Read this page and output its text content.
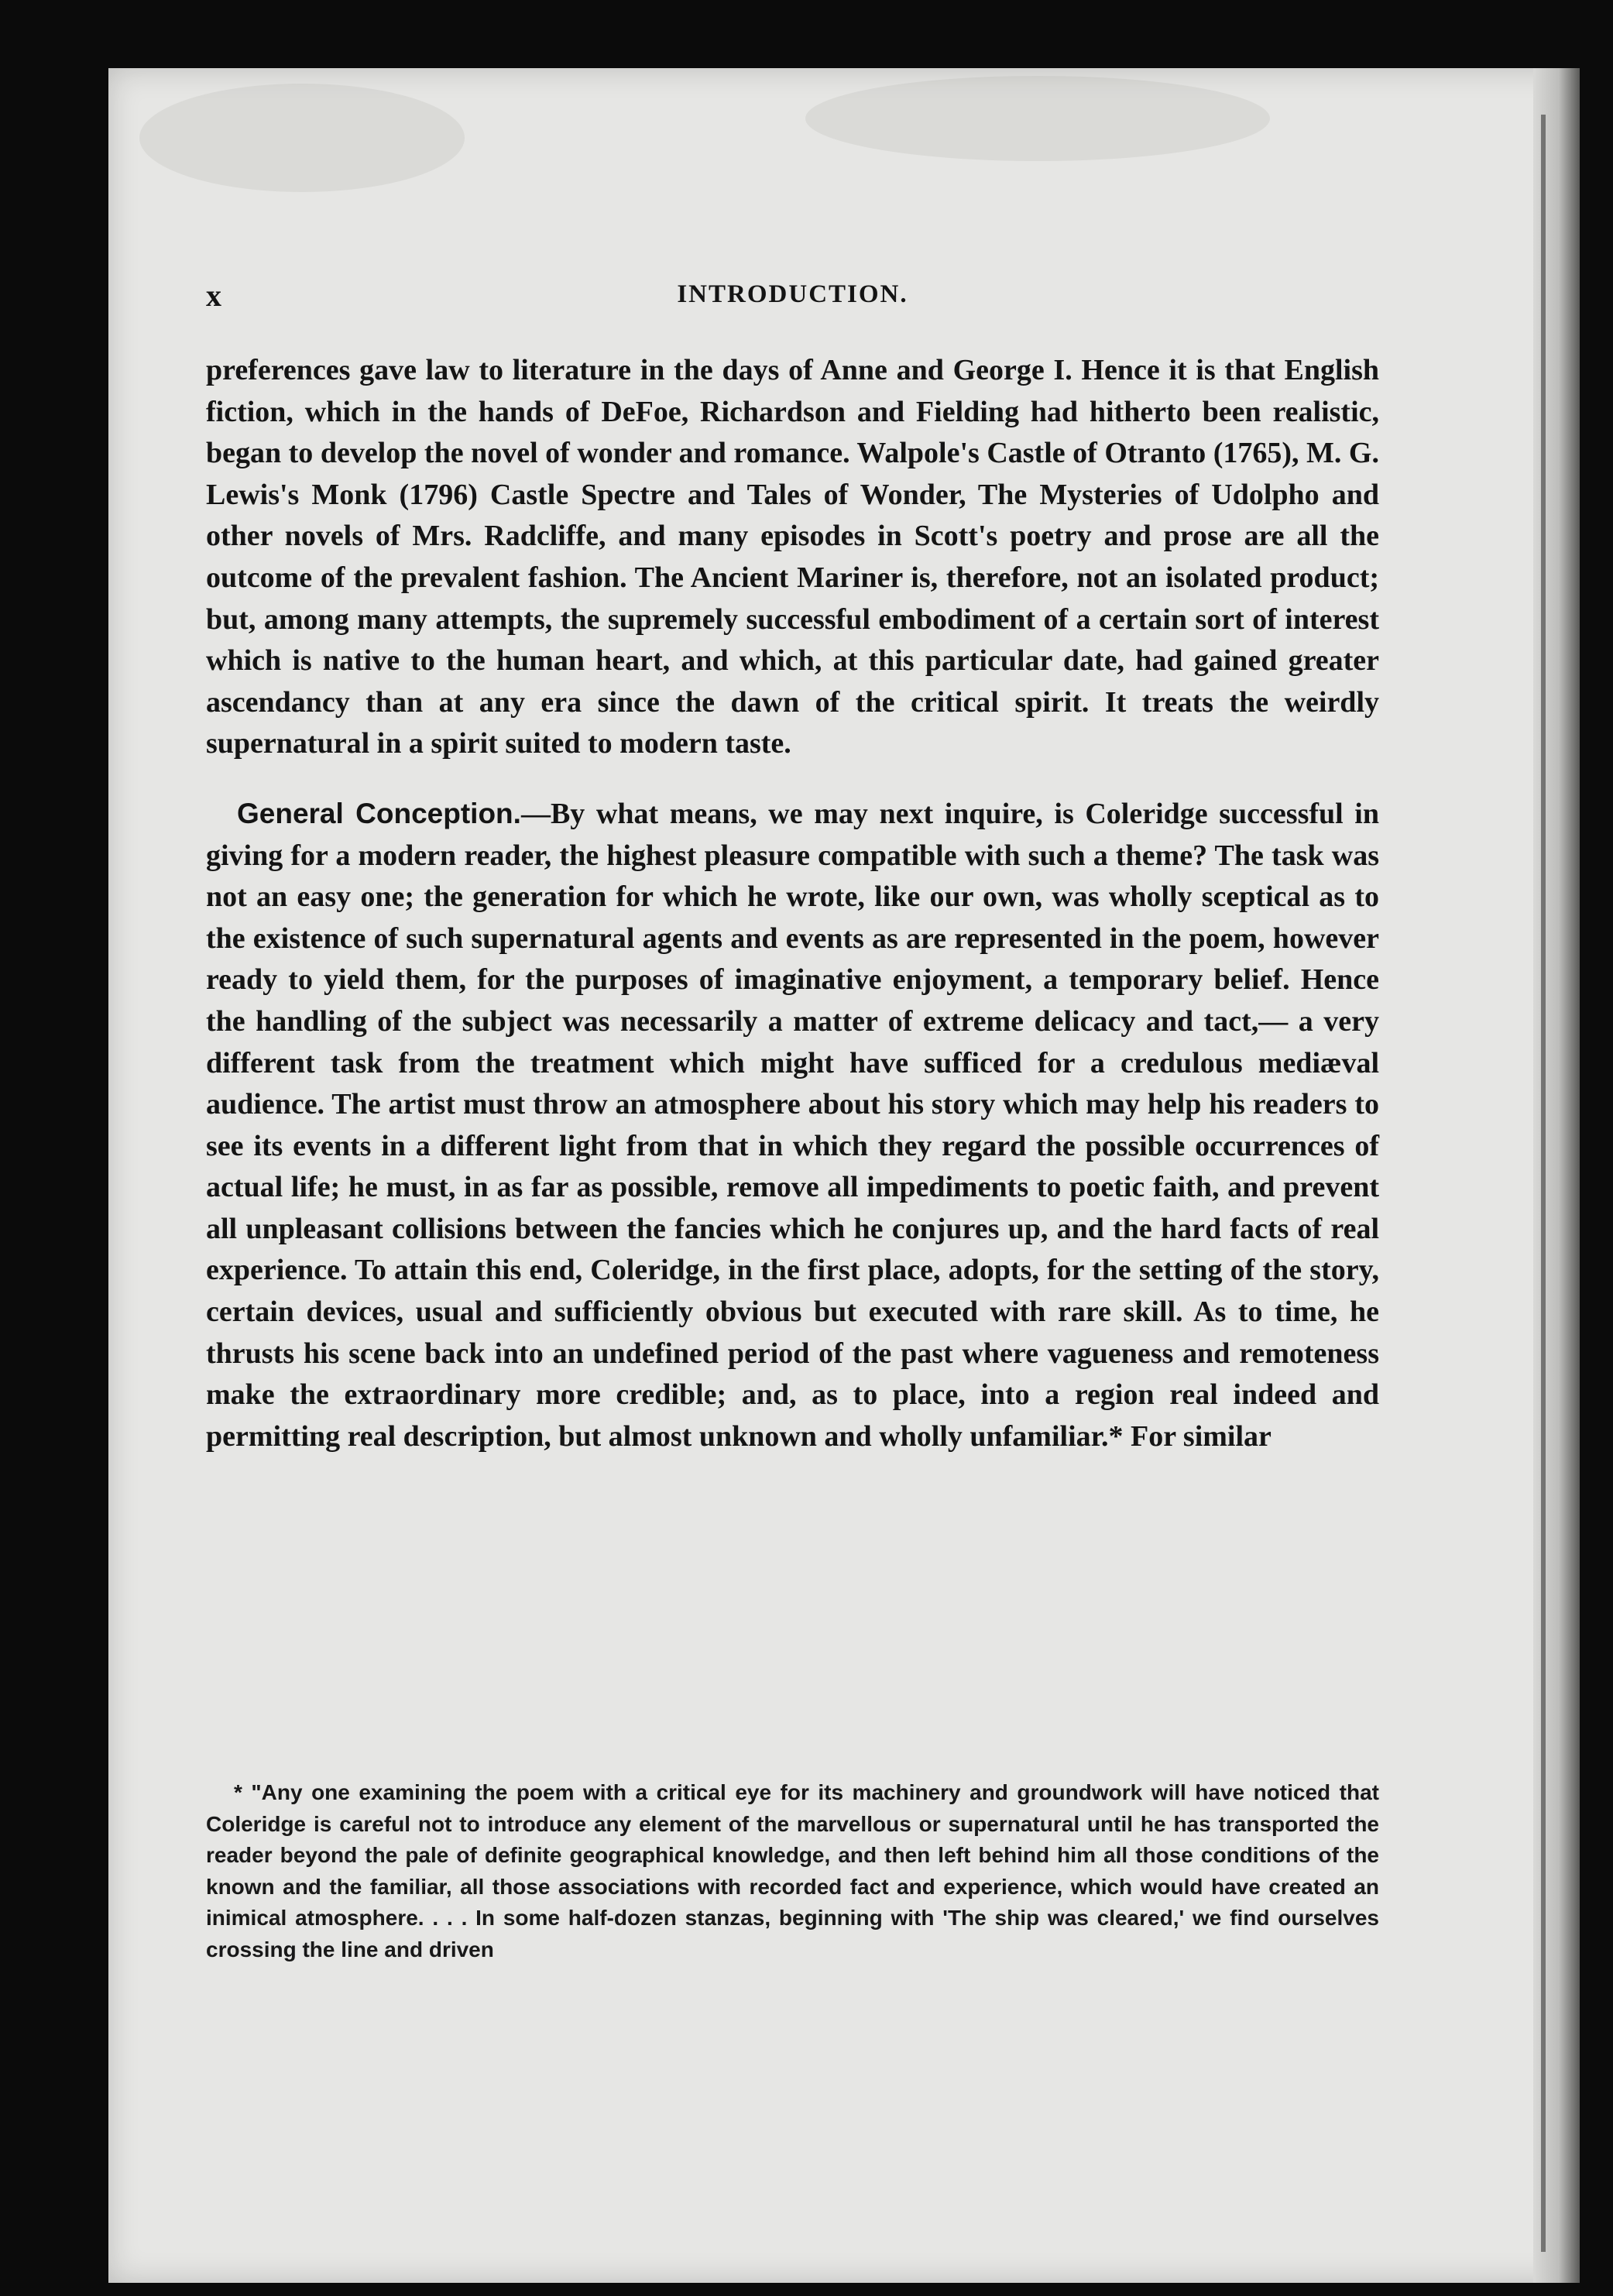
x	INTRODUCTION.

preferences gave law to literature in the days of Anne and George I. Hence it is that English fiction, which in the hands of DeFoe, Richardson and Fielding had hitherto been realistic, began to develop the novel of wonder and romance. Walpole's Castle of Otranto (1765), M. G. Lewis's Monk (1796) Castle Spectre and Tales of Wonder, The Mysteries of Udolpho and other novels of Mrs. Radcliffe, and many episodes in Scott's poetry and prose are all the outcome of the prevalent fashion. The Ancient Mariner is, therefore, not an isolated product; but, among many attempts, the supremely successful embodiment of a certain sort of interest which is native to the human heart, and which, at this particular date, had gained greater ascendancy than at any era since the dawn of the critical spirit. It treats the weirdly supernatural in a spirit suited to modern taste.

General Conception.—By what means, we may next inquire, is Coleridge successful in giving for a modern reader, the highest pleasure compatible with such a theme? The task was not an easy one; the generation for which he wrote, like our own, was wholly sceptical as to the existence of such supernatural agents and events as are represented in the poem, however ready to yield them, for the purposes of imaginative enjoyment, a temporary belief. Hence the handling of the subject was necessarily a matter of extreme delicacy and tact,— a very different task from the treatment which might have sufficed for a credulous mediæval audience. The artist must throw an atmosphere about his story which may help his readers to see its events in a different light from that in which they regard the possible occurrences of actual life; he must, in as far as possible, remove all impediments to poetic faith, and prevent all unpleasant collisions between the fancies which he conjures up, and the hard facts of real experience. To attain this end, Coleridge, in the first place, adopts, for the setting of the story, certain devices, usual and sufficiently obvious but executed with rare skill. As to time, he thrusts his scene back into an undefined period of the past where vagueness and remoteness make the extraordinary more credible; and, as to place, into a region real indeed and permitting real description, but almost unknown and wholly unfamiliar.* For similar

* "Any one examining the poem with a critical eye for its machinery and groundwork will have noticed that Coleridge is careful not to introduce any element of the marvellous or supernatural until he has transported the reader beyond the pale of definite geographical knowledge, and then left behind him all those conditions of the known and the familiar, all those associations with recorded fact and experience, which would have created an inimical atmosphere. . . . In some half-dozen stanzas, beginning with 'The ship was cleared,' we find ourselves crossing the line and driven
